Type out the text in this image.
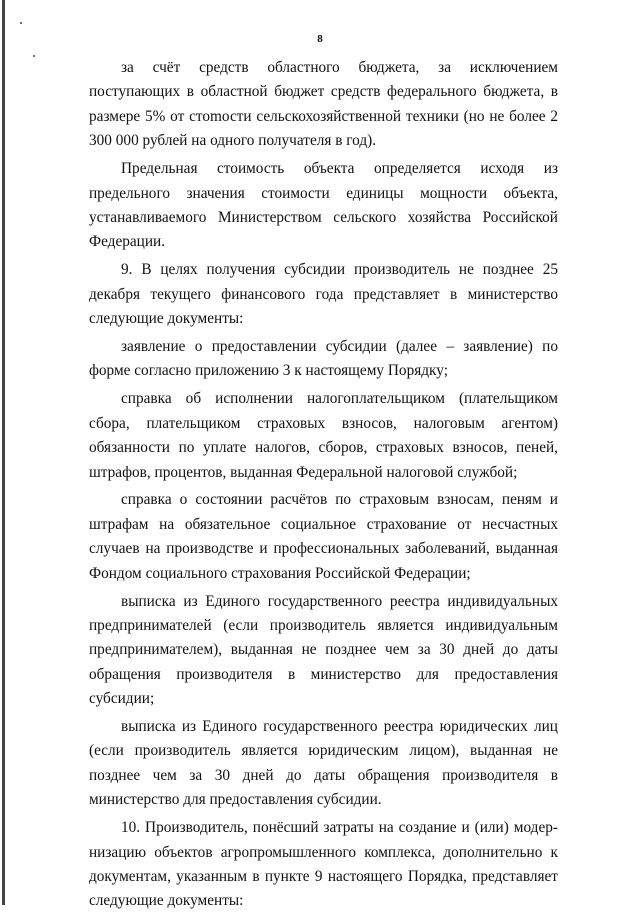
8

за счёт средств областного бюджета, за исключением поступающих в областной бюджет средств федерального бюджета, в размере 5% от стоmости сельскохозяйственной техники (но не более 2 300 000 рублей на одного получателя в год).

Предельная стоимость объекта определяется исходя из предельного значения стоимости единицы мощности объекта, устанавливаемого Министерством сельского хозяйства Российской Федерации.

9. В целях получения субсидии производитель не позднее 25 декабря текущего финансового года представляет в министерство следующие документы:

заявление о предоставлении субсидии (далее – заявление) по форме согласно приложению 3 к настоящему Порядку;

справка об исполнении налогоплательщиком (плательщиком сбора, плательщиком страховых взносов, налоговым агентом) обязанности по уплате налогов, сборов, страховых взносов, пеней, штрафов, процентов, выданная Федеральной налоговой службой;

справка о состоянии расчётов по страховым взносам, пеням и штрафам на обязательное социальное страхование от несчастных случаев на производстве и профессиональных заболеваний, выданная Фондом социального страхования Российской Федерации;

выписка из Единого государственного реестра индивидуальных предпринимателей (если производитель является индивидуальным предпринимателем), выданная не позднее чем за 30 дней до даты обращения производителя в министерство для предоставления субсидии;

выписка из Единого государственного реестра юридических лиц (если производитель является юридическим лицом), выданная не позднее чем за 30 дней до даты обращения производителя в министерство для предоставления субсидии.

10. Производитель, понёсший затраты на создание и (или) модернизацию объектов агропромышленного комплекса, дополнительно к документам, указанным в пункте 9 настоящего Порядка, представляет следующие документы:
